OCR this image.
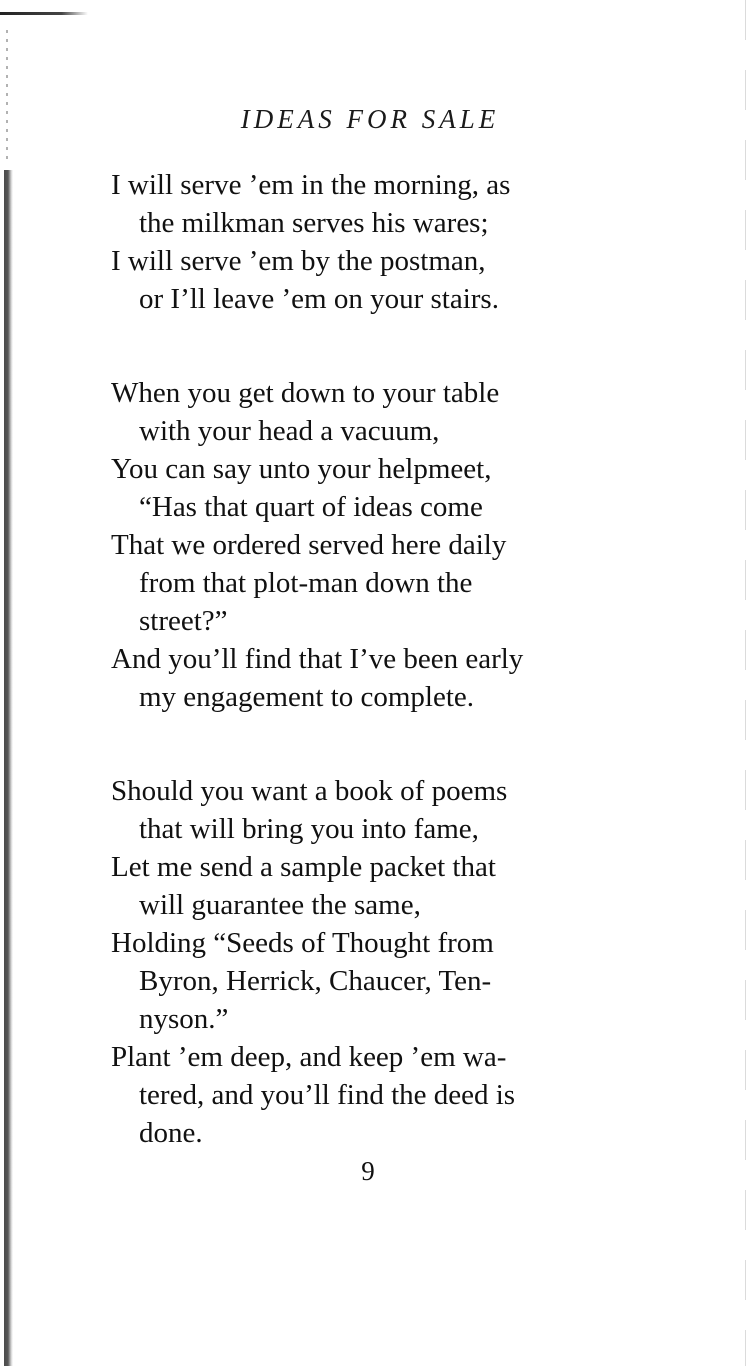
IDEAS FOR SALE
I will serve ’em in the morning, as
the milkman serves his wares;
I will serve ’em by the postman,
or I’ll leave ’em on your stairs.
When you get down to your table
with your head a vacuum,
You can say unto your helpmeet,
“Has that quart of ideas come
That we ordered served here daily
from that plot-man down the
street?”
And you’ll find that I’ve been early
my engagement to complete.
Should you want a book of poems
that will bring you into fame,
Let me send a sample packet that
will guarantee the same,
Holding “Seeds of Thought from
Byron, Herrick, Chaucer, Ten-
nyson.”
Plant ’em deep, and keep ’em wa-
tered, and you’ll find the deed is
done.
9
